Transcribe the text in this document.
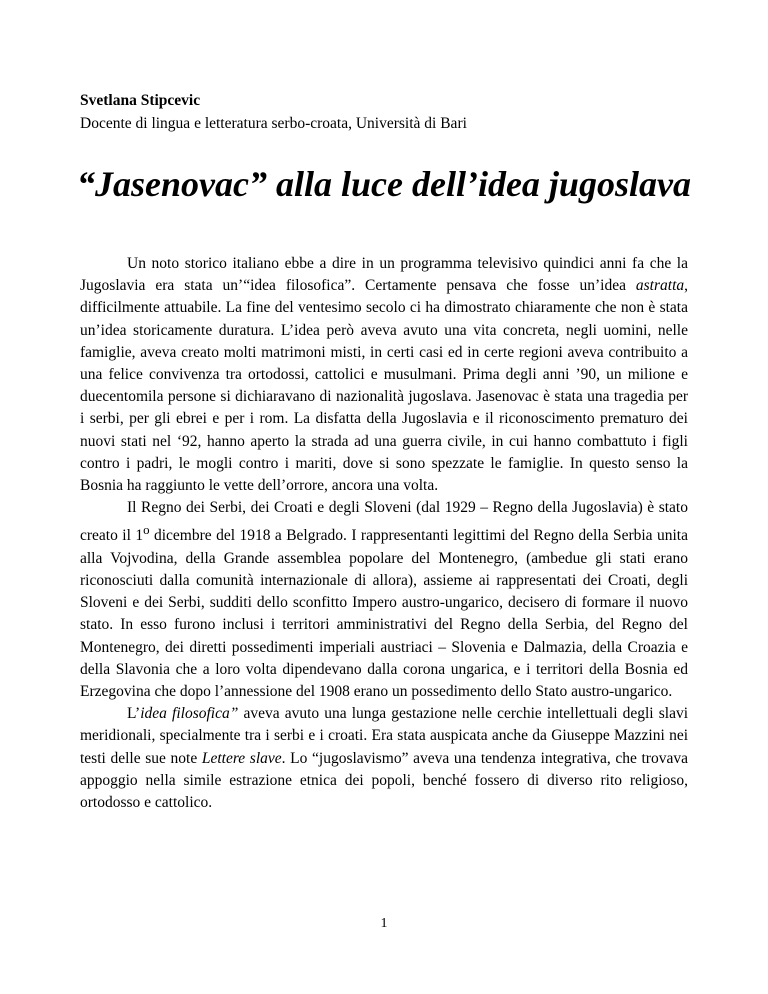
Svetlana Stipcevic
Docente di lingua e letteratura serbo-croata, Università di Bari
“Jasenovac” alla luce dell’idea jugoslava

Un noto storico italiano ebbe a dire in un programma televisivo quindici anni fa che la Jugoslavia era stata un’“idea filosofica”. Certamente pensava che fosse un’idea astratta, difficilmente attuabile. La fine del ventesimo secolo ci ha dimostrato chiaramente che non è stata un’idea storicamente duratura. L’idea però aveva avuto una vita concreta, negli uomini, nelle famiglie, aveva creato molti matrimoni misti, in certi casi ed in certe regioni aveva contribuito a una felice convivenza tra ortodossi, cattolici e musulmani. Prima degli anni ’90, un milione e duecentomila persone si dichiaravano di nazionalità jugoslava. Jasenovac è stata una tragedia per i serbi, per gli ebrei e per i rom. La disfatta della Jugoslavia e il riconoscimento prematuro dei nuovi stati nel ‘92, hanno aperto la strada ad una guerra civile, in cui hanno combattuto i figli contro i padri, le mogli contro i mariti, dove si sono spezzate le famiglie. In questo senso la Bosnia ha raggiunto le vette dell’orrore, ancora una volta.

Il Regno dei Serbi, dei Croati e degli Sloveni (dal 1929 – Regno della Jugoslavia) è stato creato il 1$^o$ dicembre del 1918 a Belgrado. I rappresentanti legittimi del Regno della Serbia unita alla Vojvodina, della Grande assemblea popolare del Montenegro, (ambedue gli stati erano riconosciuti dalla comunità internazionale di allora), assieme ai rappresentati dei Croati, degli Sloveni e dei Serbi, sudditi dello sconfitto Impero austro-ungarico, decisero di formare il nuovo stato. In esso furono inclusi i territori amministrativi del Regno della Serbia, del Regno del Montenegro, dei diretti possedimenti imperiali austriaci – Slovenia e Dalmazia, della Croazia e della Slavonia che a loro volta dipendevano dalla corona ungarica, e i territori della Bosnia ed Erzegovina che dopo l’annessione del 1908 erano un possedimento dello Stato austro-ungarico.

L’idea filosofica” aveva avuto una lunga gestazione nelle cerchie intellettuali degli slavi meridionali, specialmente tra i serbi e i croati. Era stata auspicata anche da Giuseppe Mazzini nei testi delle sue note Lettere slave. Lo “jugoslavismo” aveva una tendenza integrativa, che trovava appoggio nella simile estrazione etnica dei popoli, benché fossero di diverso rito religioso, ortodosso e cattolico.

1
